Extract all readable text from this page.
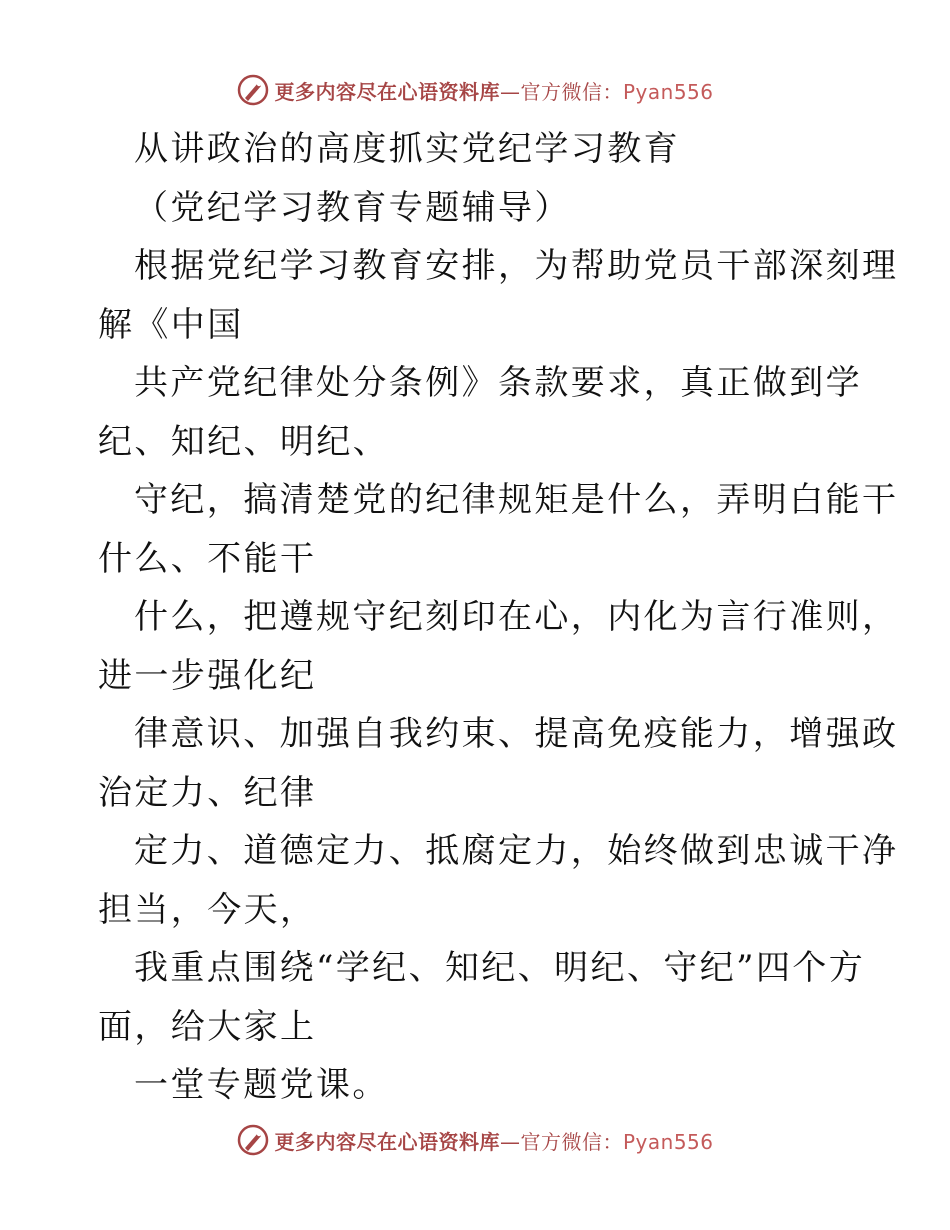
更多内容尽在心语资料库—官方微信：Pyan556
从讲政治的高度抓实党纪学习教育
（党纪学习教育专题辅导）
根据党纪学习教育安排，为帮助党员干部深刻理
解《中国
共产党纪律处分条例》条款要求，真正做到学
纪、知纪、明纪、
守纪，搞清楚党的纪律规矩是什么，弄明白能干
什么、不能干
什么，把遵规守纪刻印在心，内化为言行准则，
进一步强化纪
律意识、加强自我约束、提高免疫能力，增强政
治定力、纪律
定力、道德定力、抵腐定力，始终做到忠诚干净
担当，今天，
我重点围绕“学纪、知纪、明纪、守纪”四个方
面，给大家上
一堂专题党课。
更多内容尽在心语资料库—官方微信：Pyan556
